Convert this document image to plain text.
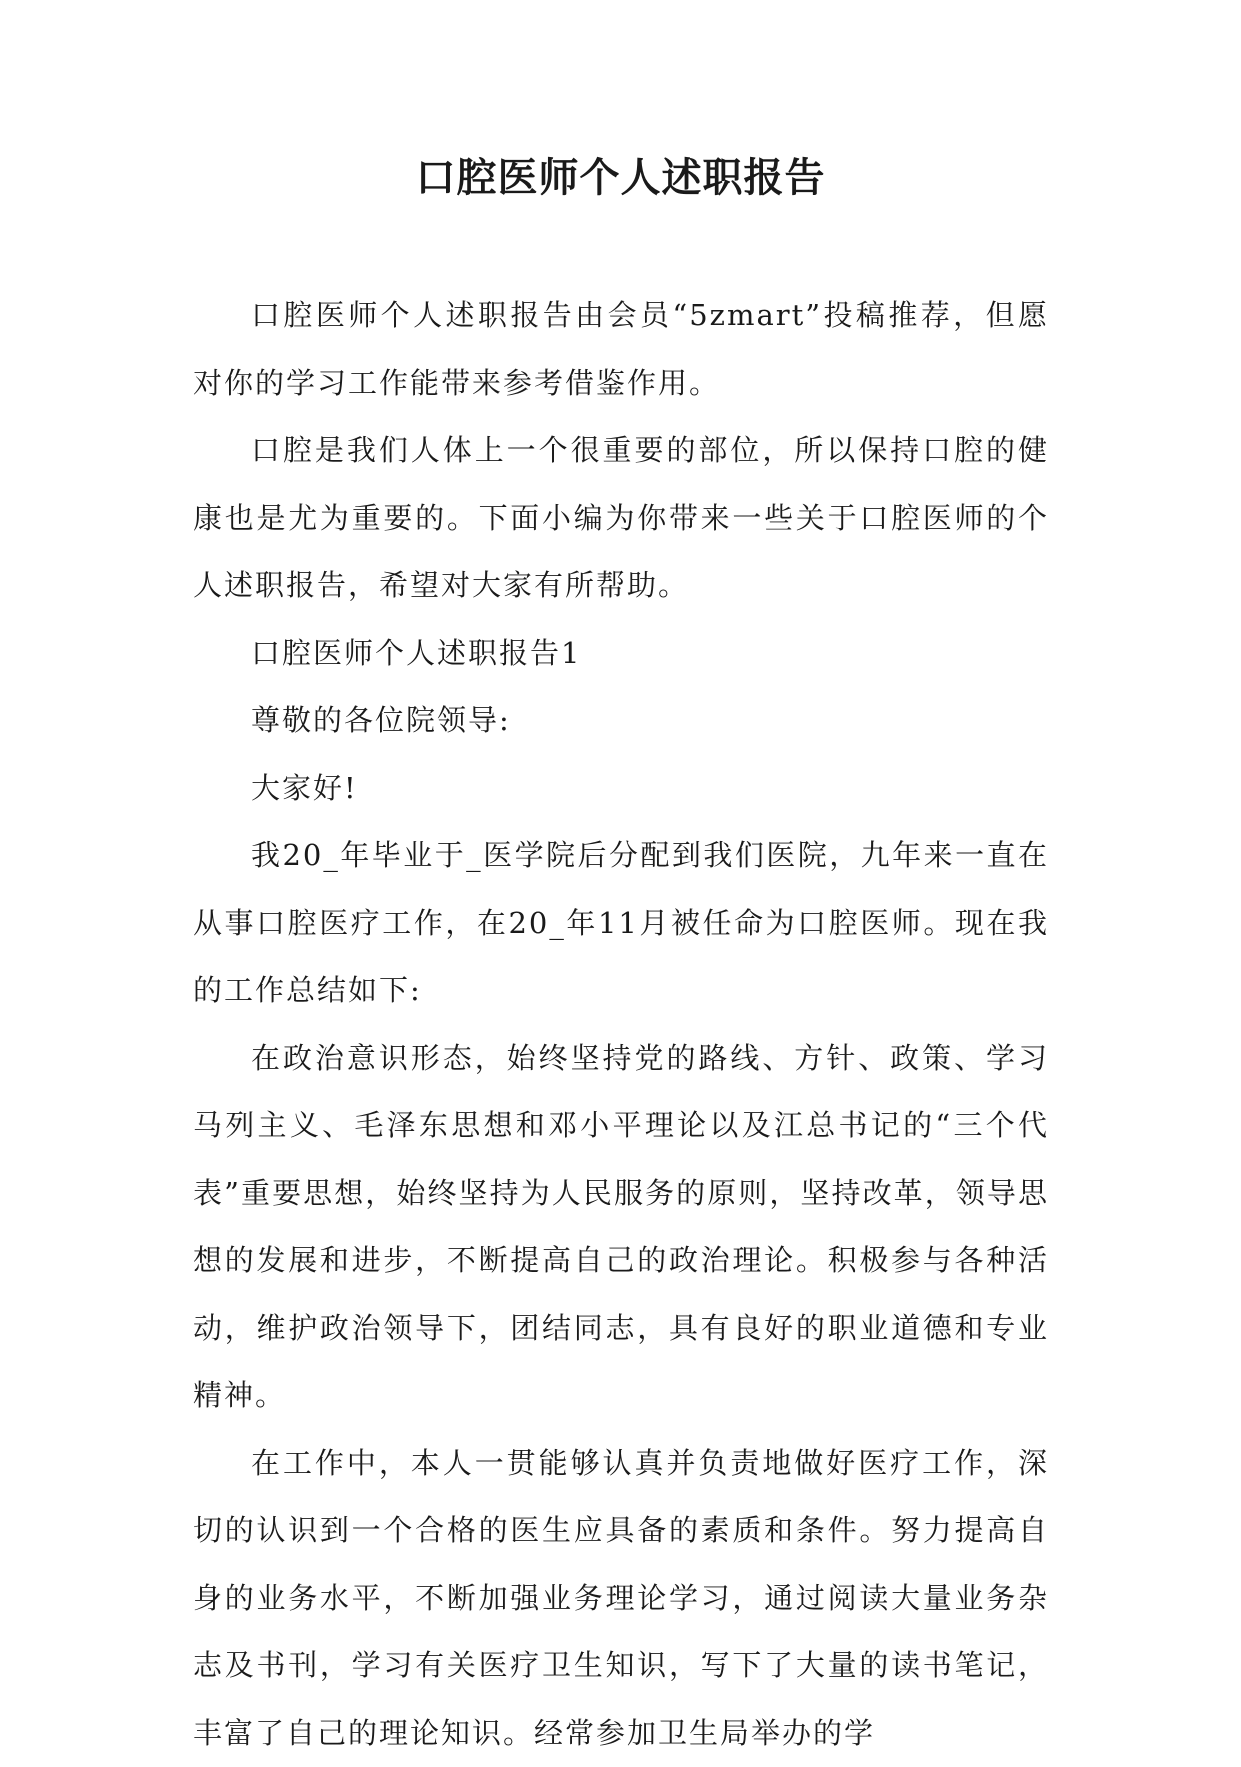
口腔医师个人述职报告

口腔医师个人述职报告由会员“5zmart”投稿推荐，但愿对你的学习工作能带来参考借鉴作用。

口腔是我们人体上一个很重要的部位，所以保持口腔的健康也是尤为重要的。下面小编为你带来一些关于口腔医师的个人述职报告，希望对大家有所帮助。

口腔医师个人述职报告1

尊敬的各位院领导:

大家好!

我20_年毕业于_医学院后分配到我们医院，九年来一直在从事口腔医疗工作，在20_年11月被任命为口腔医师。现在我的工作总结如下:

在政治意识形态，始终坚持党的路线、方针、政策、学习马列主义、毛泽东思想和邓小平理论以及江总书记的“三个代表”重要思想，始终坚持为人民服务的原则，坚持改革，领导思想的发展和进步，不断提高自己的政治理论。积极参与各种活动，维护政治领导下，团结同志，具有良好的职业道德和专业精神。

在工作中，本人一贯能够认真并负责地做好医疗工作，深切的认识到一个合格的医生应具备的素质和条件。努力提高自身的业务水平，不断加强业务理论学习，通过阅读大量业务杂志及书刊，学习有关医疗卫生知识，写下了大量的读书笔记，丰富了自己的理论知识。经常参加卫生局举办的学
